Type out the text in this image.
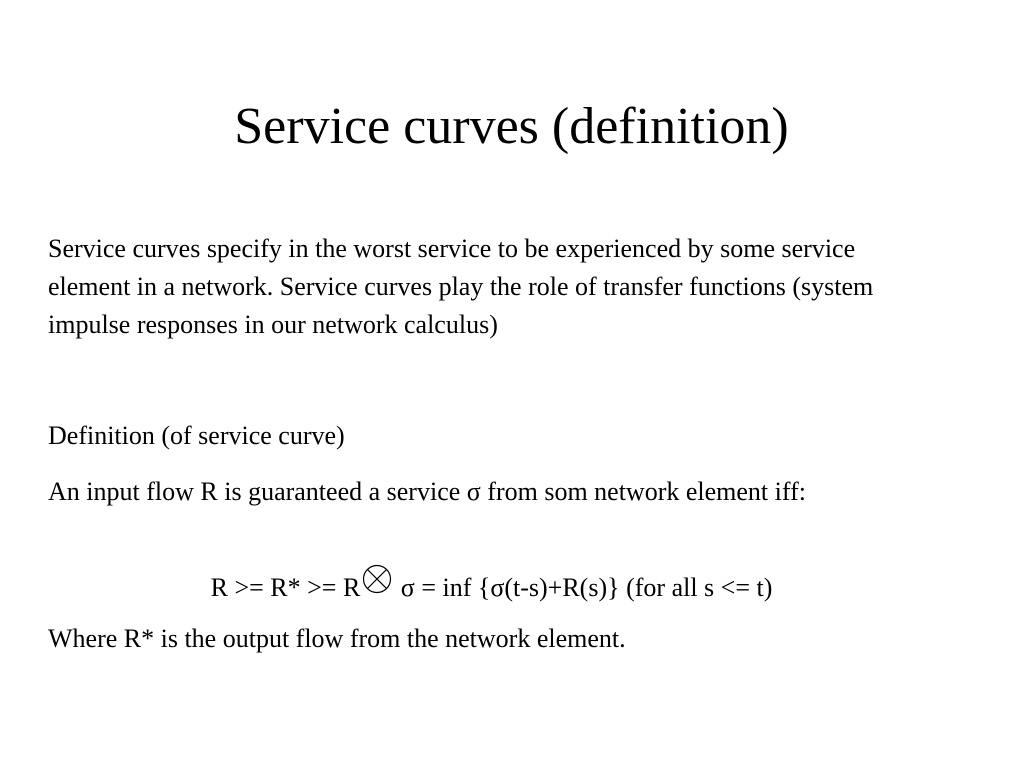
Service curves (definition)

Service curves specify in the worst service to be experienced by some service element in a network. Service curves play the role of transfer functions (system impulse responses in our network calculus)

Definition (of service curve)

An input flow R is guaranteed a service σ from som network element iff:

R >= R* >= R
σ = inf {σ(t-s)+R(s)} (for all s <= t)

Where R* is the output flow from the network element.
